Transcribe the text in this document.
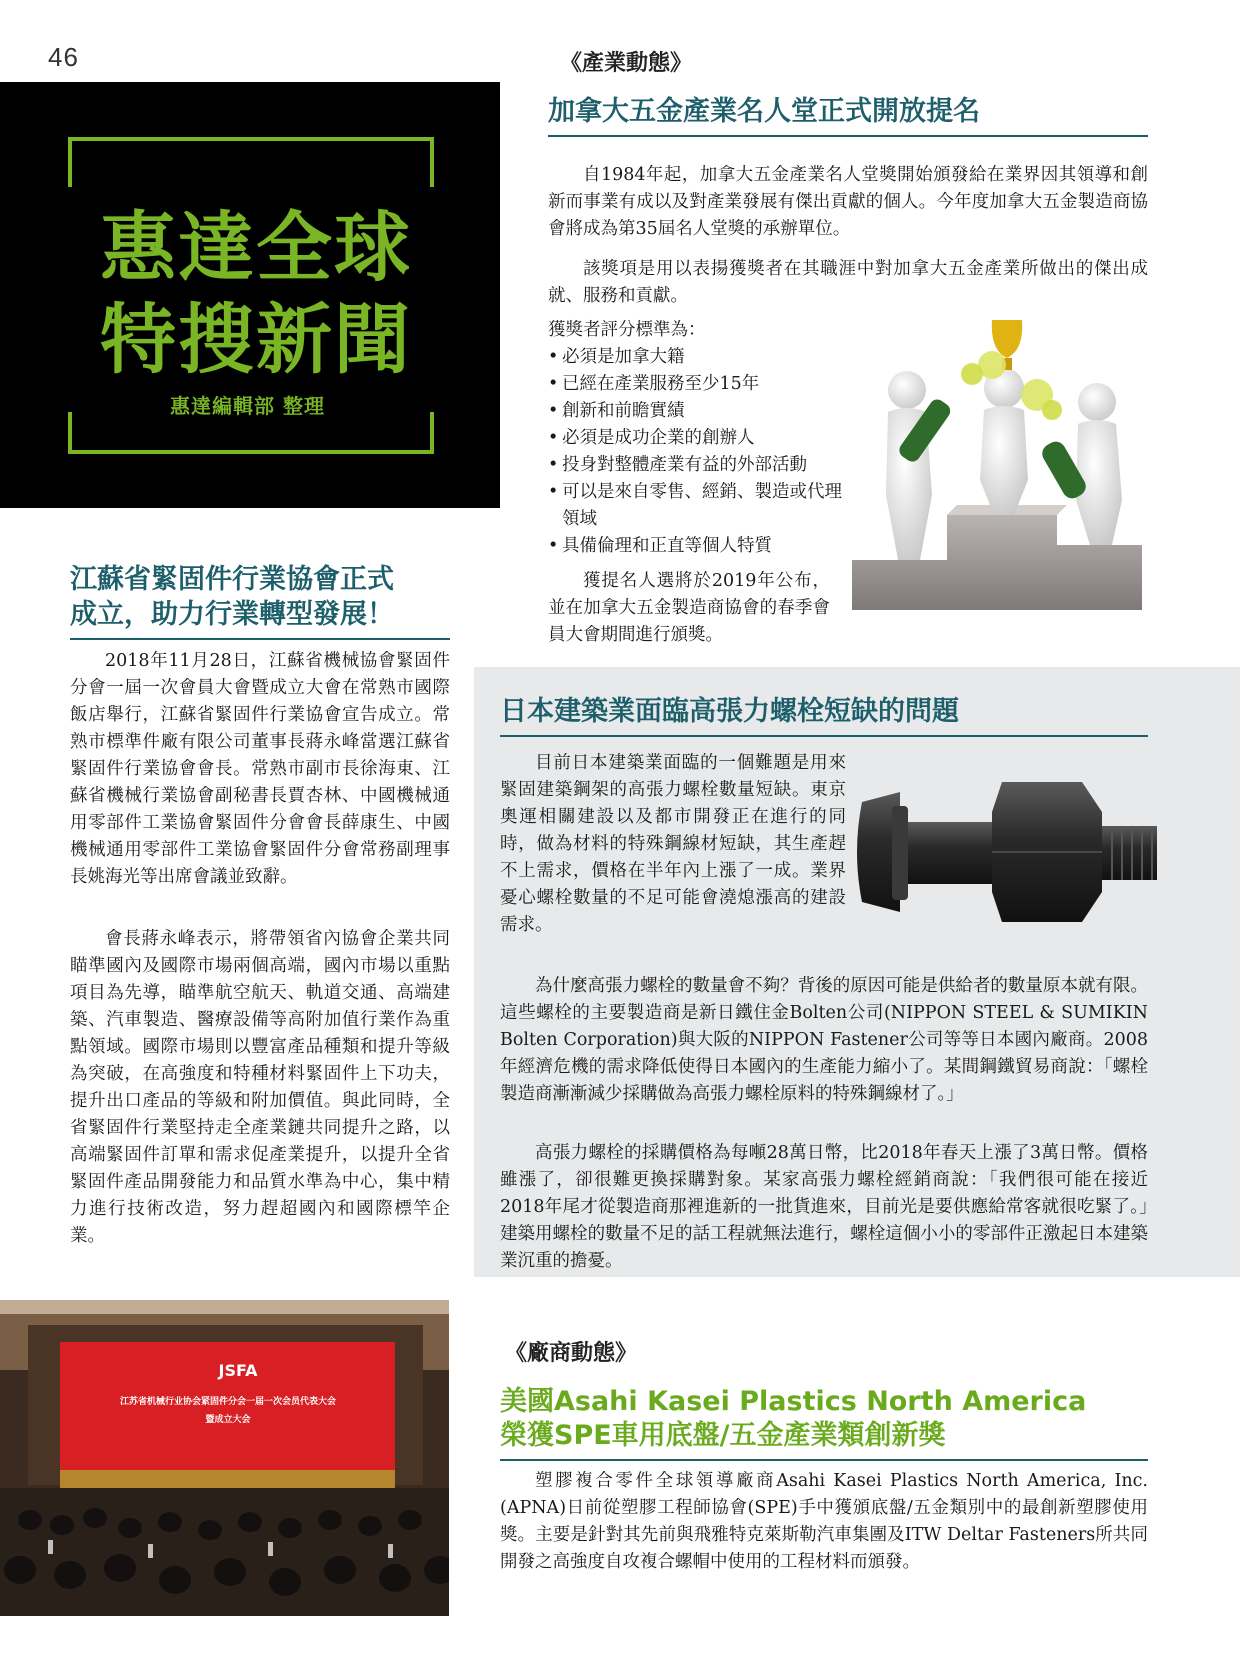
46	《產業動態》
惠達全球
特搜新聞
惠達編輯部 整理
加拿大五金產業名人堂正式開放提名

自1984年起，加拿大五金產業名人堂獎開始頒發給在業界因其領導和創新而事業有成以及對產業發展有傑出貢獻的個人。今年度加拿大五金製造商協會將成為第35屆名人堂獎的承辦單位。

該獎項是用以表揚獲獎者在其職涯中對加拿大五金產業所做出的傑出成就、服務和貢獻。

獲獎者評分標準為：
• 必須是加拿大籍
• 已經在產業服務至少15年
• 創新和前瞻實績
• 必須是成功企業的創辦人
• 投身對整體產業有益的外部活動
• 可以是來自零售、經銷、製造或代理領域
• 具備倫理和正直等個人特質

獲提名人選將於2019年公布，並在加拿大五金製造商協會的春季會員大會期間進行頒獎。

江蘇省緊固件行業協會正式
成立，助力行業轉型發展！

2018年11月28日，江蘇省機械協會緊固件分會一屆一次會員大會暨成立大會在常熟市國際飯店舉行，江蘇省緊固件行業協會宣告成立。常熟市標準件廠有限公司董事長蔣永峰當選江蘇省緊固件行業協會會長。常熟市副市長徐海東、江蘇省機械行業協會副秘書長賈杏林、中國機械通用零部件工業協會緊固件分會會長薛康生、中國機械通用零部件工業協會緊固件分會常務副理事長姚海光等出席會議並致辭。

會長蔣永峰表示，將帶領省內協會企業共同瞄準國內及國際市場兩個高端，國內市場以重點項目為先導，瞄準航空航天、軌道交通、高端建築、汽車製造、醫療設備等高附加值行業作為重點領域。國際市場則以豐富產品種類和提升等級為突破，在高強度和特種材料緊固件上下功夫，提升出口產品的等級和附加價值。與此同時，全省緊固件行業堅持走全產業鏈共同提升之路，以高端緊固件訂單和需求促產業提升，以提升全省緊固件產品開發能力和品質水準為中心，集中精力進行技術改造，努力趕超國內和國際標竿企業。

JSFA
江苏省机械行业协会紧固件分会一届一次会员代表大会
暨成立大会
日本建築業面臨高張力螺栓短缺的問題

目前日本建築業面臨的一個難題是用來緊固建築鋼架的高張力螺栓數量短缺。東京奧運相關建設以及都市開發正在進行的同時，做為材料的特殊鋼線材短缺，其生產趕不上需求，價格在半年內上漲了一成。業界憂心螺栓數量的不足可能會澆熄漲高的建設需求。

為什麼高張力螺栓的數量會不夠？背後的原因可能是供給者的數量原本就有限。這些螺栓的主要製造商是新日鐵住金Bolten公司(NIPPON STEEL & SUMIKIN Bolten Corporation)與大阪的NIPPON Fastener公司等等日本國內廠商。2008年經濟危機的需求降低使得日本國內的生產能力縮小了。某間鋼鐵貿易商說：「螺栓製造商漸漸減少採購做為高張力螺栓原料的特殊鋼線材了。」

高張力螺栓的採購價格為每噸28萬日幣，比2018年春天上漲了3萬日幣。價格雖漲了，卻很難更換採購對象。某家高張力螺栓經銷商說：「我們很可能在接近2018年尾才從製造商那裡進新的一批貨進來，目前光是要供應給常客就很吃緊了。」建築用螺栓的數量不足的話工程就無法進行，螺栓這個小小的零部件正激起日本建築業沉重的擔憂。

《廠商動態》
美國Asahi Kasei Plastics North America
榮獲SPE車用底盤/五金產業類創新獎

塑膠複合零件全球領導廠商Asahi Kasei Plastics North America, Inc. (APNA)日前從塑膠工程師協會(SPE)手中獲頒底盤/五金類別中的最創新塑膠使用獎。主要是針對其先前與飛雅特克萊斯勒汽車集團及ITW Deltar Fasteners所共同開發之高強度自攻複合螺帽中使用的工程材料而頒發。
